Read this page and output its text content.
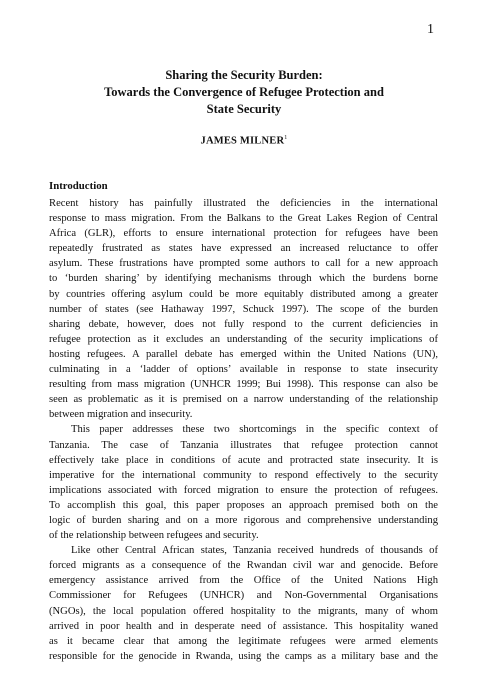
1
Sharing the Security Burden:
Towards the Convergence of Refugee Protection and
State Security
JAMES MILNER$^1$
Introduction

Recent history has painfully illustrated the deficiencies in the international
response to mass migration. From the Balkans to the Great Lakes Region of Central
Africa (GLR), efforts to ensure international protection for refugees have been
repeatedly frustrated as states have expressed an increased reluctance to offer
asylum. These frustrations have prompted some authors to call for a new approach
to ‘burden sharing’ by identifying mechanisms through which the burdens borne
by countries offering asylum could be more equitably distributed among a greater
number of states (see Hathaway 1997, Schuck 1997). The scope of the burden
sharing debate, however, does not fully respond to the current deficiencies in
refugee protection as it excludes an understanding of the security implications of
hosting refugees. A parallel debate has emerged within the United Nations (UN),
culminating in a ‘ladder of options’ available in response to state insecurity
resulting from mass migration (UNHCR 1999; Bui 1998). This response can also be
seen as problematic as it is premised on a narrow understanding of the relationship
between migration and insecurity.

This paper addresses these two shortcomings in the specific context of
Tanzania. The case of Tanzania illustrates that refugee protection cannot
effectively take place in conditions of acute and protracted state insecurity. It is
imperative for the international community to respond effectively to the security
implications associated with forced migration to ensure the protection of refugees.
To accomplish this goal, this paper proposes an approach premised both on the
logic of burden sharing and on a more rigorous and comprehensive understanding
of the relationship between refugees and security.

Like other Central African states, Tanzania received hundreds of thousands of
forced migrants as a consequence of the Rwandan civil war and genocide. Before
emergency assistance arrived from the Office of the United Nations High
Commissioner for Refugees (UNHCR) and Non-Governmental Organisations
(NGOs), the local population offered hospitality to the migrants, many of whom
arrived in poor health and in desperate need of assistance. This hospitality waned
as it became clear that among the legitimate refugees were armed elements
responsible for the genocide in Rwanda, using the camps as a military base and the
